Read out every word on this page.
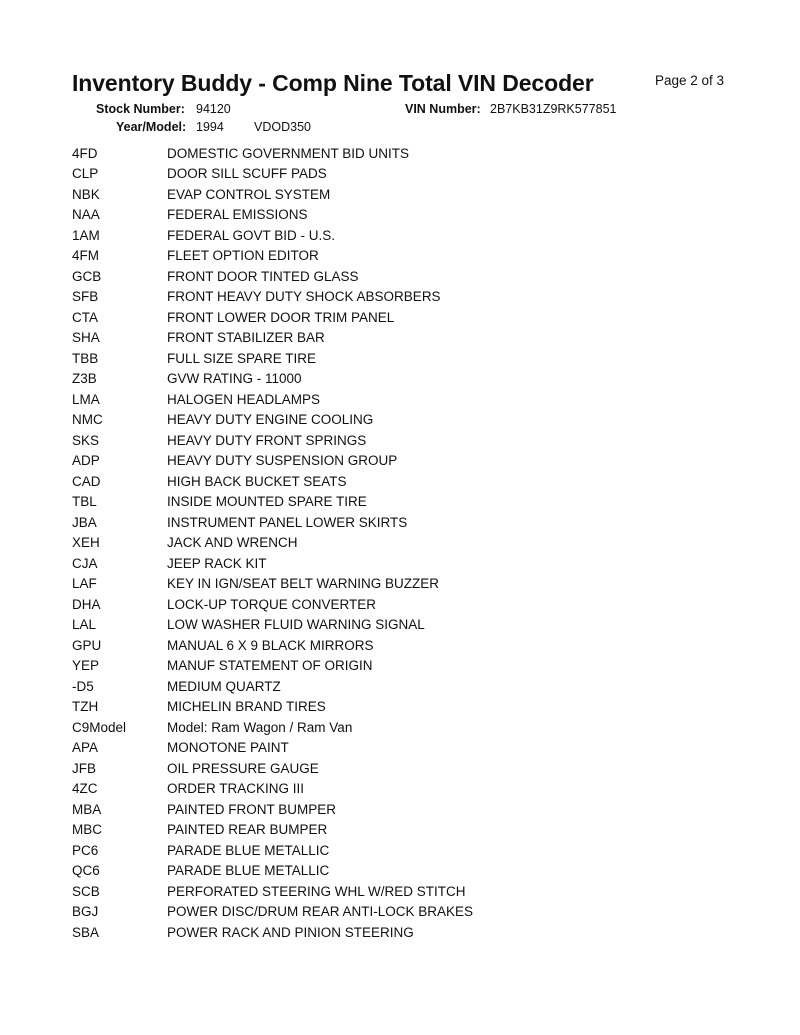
Inventory Buddy - Comp Nine Total VIN Decoder	Page 2 of 3
Stock Number: 94120	VIN Number: 2B7KB31Z9RK577851
Year/Model: 1994 VDOD350
4FD	DOMESTIC GOVERNMENT BID UNITS
CLP	DOOR SILL SCUFF PADS
NBK	EVAP CONTROL SYSTEM
NAA	FEDERAL EMISSIONS
1AM	FEDERAL GOVT BID - U.S.
4FM	FLEET OPTION EDITOR
GCB	FRONT DOOR TINTED GLASS
SFB	FRONT HEAVY DUTY SHOCK ABSORBERS
CTA	FRONT LOWER DOOR TRIM PANEL
SHA	FRONT STABILIZER BAR
TBB	FULL SIZE SPARE TIRE
Z3B	GVW RATING - 11000
LMA	HALOGEN HEADLAMPS
NMC	HEAVY DUTY ENGINE COOLING
SKS	HEAVY DUTY FRONT SPRINGS
ADP	HEAVY DUTY SUSPENSION GROUP
CAD	HIGH BACK BUCKET SEATS
TBL	INSIDE MOUNTED SPARE TIRE
JBA	INSTRUMENT PANEL LOWER SKIRTS
XEH	JACK AND WRENCH
CJA	JEEP RACK KIT
LAF	KEY IN IGN/SEAT BELT WARNING BUZZER
DHA	LOCK-UP TORQUE CONVERTER
LAL	LOW WASHER FLUID WARNING SIGNAL
GPU	MANUAL 6 X 9 BLACK MIRRORS
YEP	MANUF STATEMENT OF ORIGIN
-D5	MEDIUM QUARTZ
TZH	MICHELIN BRAND TIRES
C9Model	Model: Ram Wagon / Ram Van
APA	MONOTONE PAINT
JFB	OIL PRESSURE GAUGE
4ZC	ORDER TRACKING III
MBA	PAINTED FRONT BUMPER
MBC	PAINTED REAR BUMPER
PC6	PARADE BLUE METALLIC
QC6	PARADE BLUE METALLIC
SCB	PERFORATED STEERING WHL W/RED STITCH
BGJ	POWER DISC/DRUM REAR ANTI-LOCK BRAKES
SBA	POWER RACK AND PINION STEERING
